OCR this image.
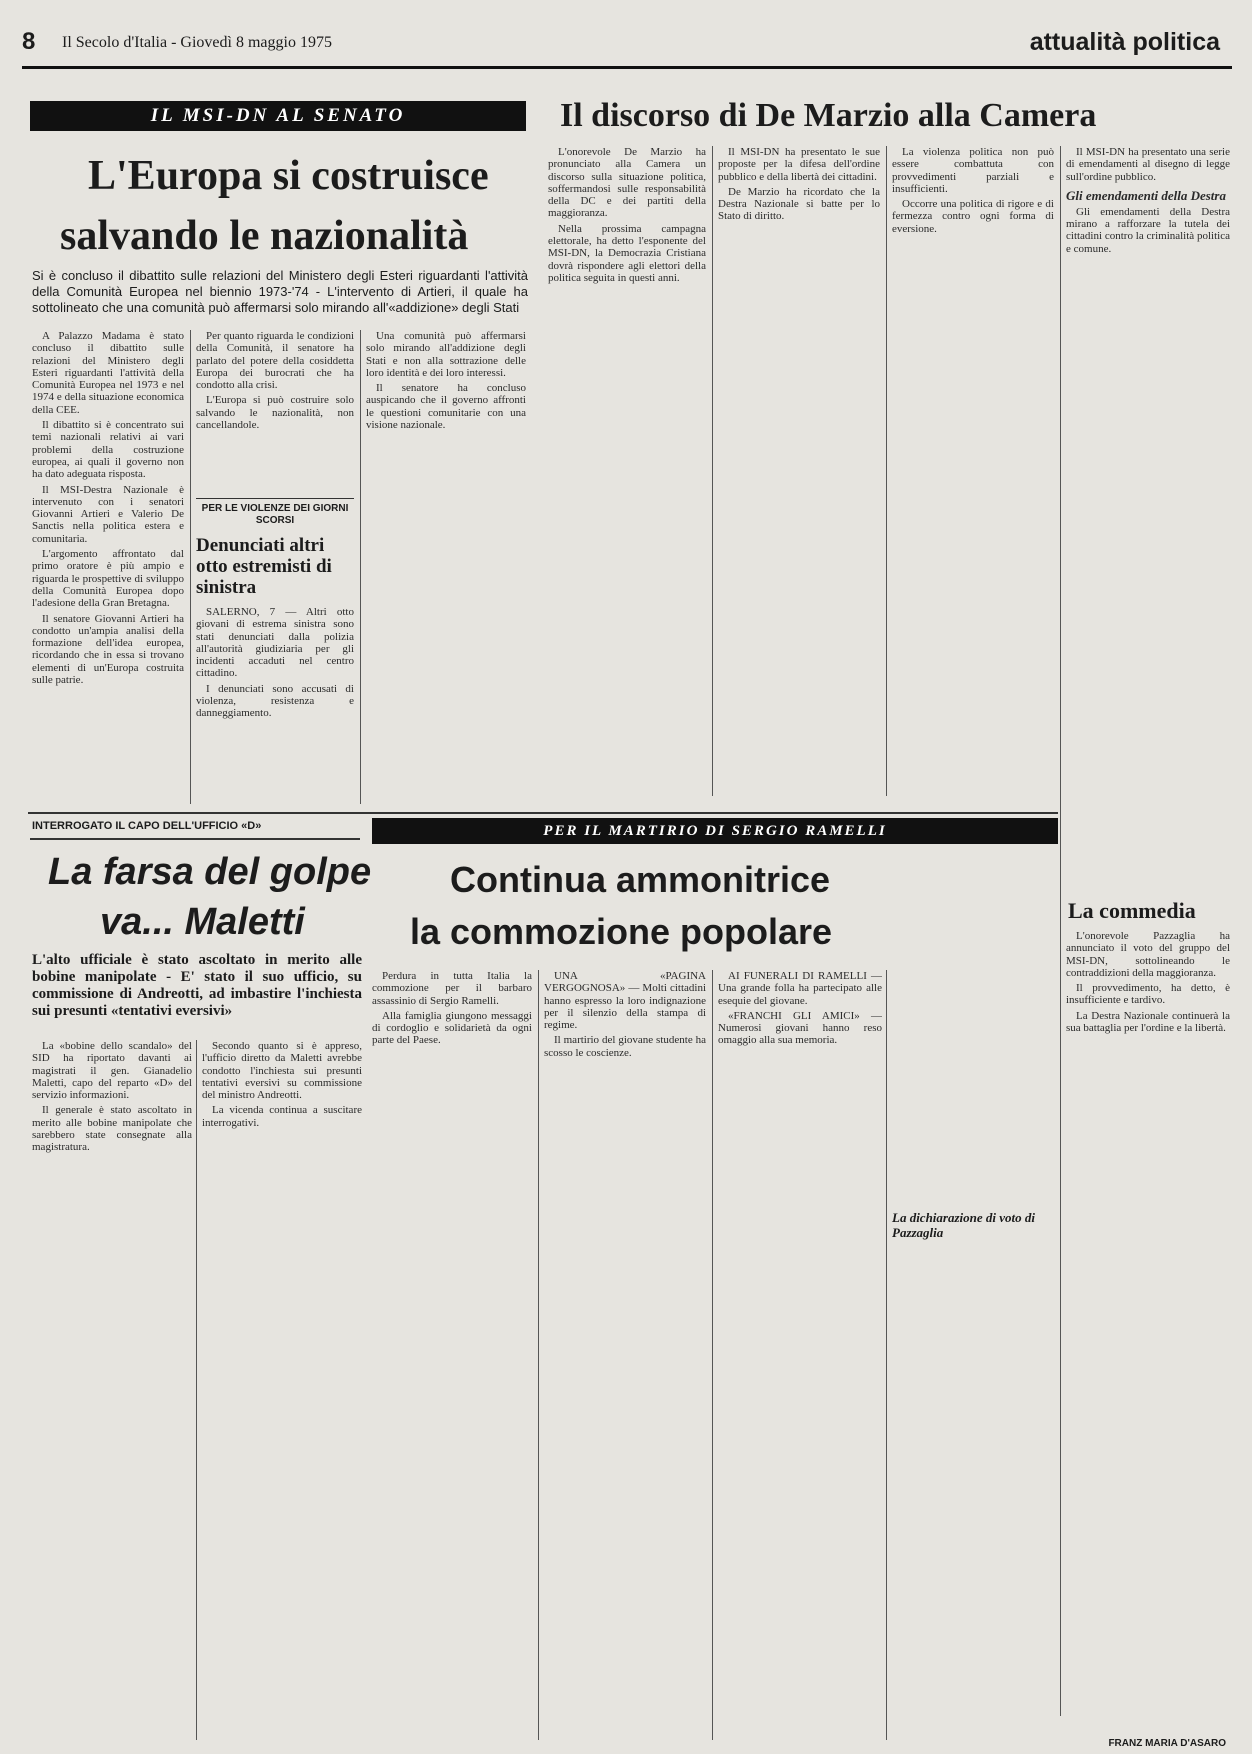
8 Il Secolo d'Italia - Giovedì 8 maggio 1975	attualità politica
IL MSI-DN AL SENATO
L'Europa si costruisce
salvando le nazionalità
Si è concluso il dibattito sulle relazioni del Ministero degli Esteri riguardanti l'attività della Comunità Europea nel biennio 1973-'74 - L'intervento di Artieri, il quale ha sottolineato che una comunità può affermarsi solo mirando all'«addizione» degli Stati

A Palazzo Madama è stato concluso il dibattito sulle relazioni del Ministero degli Esteri riguardanti l'attività della Comunità Europea nel 1973 e nel 1974 e della situazione economica della CEE.

Il dibattito si è concentrato sui temi nazionali relativi ai vari problemi della costruzione europea, ai quali il governo non ha dato adeguata risposta.

Il MSI-Destra Nazionale è intervenuto con i senatori Giovanni Artieri e Valerio De Sanctis nella politica estera e comunitaria.

L'argomento affrontato dal primo oratore è più ampio e riguarda le prospettive di sviluppo della Comunità Europea dopo l'adesione della Gran Bretagna.

Il senatore Giovanni Artieri ha condotto un'ampia analisi della formazione dell'idea europea, ricordando che in essa si trovano elementi di un'Europa costruita sulle patrie.

Per quanto riguarda le condizioni della Comunità, il senatore ha parlato del potere della cosiddetta Europa dei burocrati che ha condotto alla crisi.

L'Europa si può costruire solo salvando le nazionalità, non cancellandole.

Una comunità può affermarsi solo mirando all'addizione degli Stati e non alla sottrazione delle loro identità e dei loro interessi.

Il senatore ha concluso auspicando che il governo affronti le questioni comunitarie con una visione nazionale.

PER LE VIOLENZE DEI GIORNI SCORSI
Denunciati altri otto estremisti di sinistra

SALERNO, 7 — Altri otto giovani di estrema sinistra sono stati denunciati dalla polizia all'autorità giudiziaria per gli incidenti accaduti nel centro cittadino.

I denunciati sono accusati di violenza, resistenza e danneggiamento.

Il discorso di De Marzio alla Camera

L'onorevole De Marzio ha pronunciato alla Camera un discorso sulla situazione politica, soffermandosi sulle responsabilità della DC e dei partiti della maggioranza.

Nella prossima campagna elettorale, ha detto l'esponente del MSI-DN, la Democrazia Cristiana dovrà rispondere agli elettori della politica seguita in questi anni.

Il MSI-DN ha presentato le sue proposte per la difesa dell'ordine pubblico e della libertà dei cittadini.

De Marzio ha ricordato che la Destra Nazionale si batte per lo Stato di diritto.

La violenza politica non può essere combattuta con provvedimenti parziali e insufficienti.

Occorre una politica di rigore e di fermezza contro ogni forma di eversione.

Il MSI-DN ha presentato una serie di emendamenti al disegno di legge sull'ordine pubblico.

Gli emendamenti della Destra

Gli emendamenti della Destra mirano a rafforzare la tutela dei cittadini contro la criminalità politica e comune.

La commedia

L'onorevole Pazzaglia ha annunciato il voto del gruppo del MSI-DN, sottolineando le contraddizioni della maggioranza.

Il provvedimento, ha detto, è insufficiente e tardivo.

La Destra Nazionale continuerà la sua battaglia per l'ordine e la libertà.

La dichiarazione di voto di Pazzaglia
FRANZ MARIA D'ASARO
INTERROGATO IL CAPO DELL'UFFICIO «D»
La farsa del golpe
va... Maletti
L'alto ufficiale è stato ascoltato in merito alle bobine manipolate - E' stato il suo ufficio, su commissione di Andreotti, ad imbastire l'inchiesta sui presunti «tentativi eversivi»

La «bobine dello scandalo» del SID ha riportato davanti ai magistrati il gen. Gianadelio Maletti, capo del reparto «D» del servizio informazioni.

Il generale è stato ascoltato in merito alle bobine manipolate che sarebbero state consegnate alla magistratura.

Secondo quanto si è appreso, l'ufficio diretto da Maletti avrebbe condotto l'inchiesta sui presunti tentativi eversivi su commissione del ministro Andreotti.

La vicenda continua a suscitare interrogativi.

PER IL MARTIRIO DI SERGIO RAMELLI
Continua ammonitrice
la commozione popolare

Perdura in tutta Italia la commozione per il barbaro assassinio di Sergio Ramelli.

Alla famiglia giungono messaggi di cordoglio e solidarietà da ogni parte del Paese.

UNA «PAGINA VERGOGNOSA» — Molti cittadini hanno espresso la loro indignazione per il silenzio della stampa di regime.

Il martirio del giovane studente ha scosso le coscienze.

AI FUNERALI DI RAMELLI — Una grande folla ha partecipato alle esequie del giovane.

«FRANCHI GLI AMICI» — Numerosi giovani hanno reso omaggio alla sua memoria.
